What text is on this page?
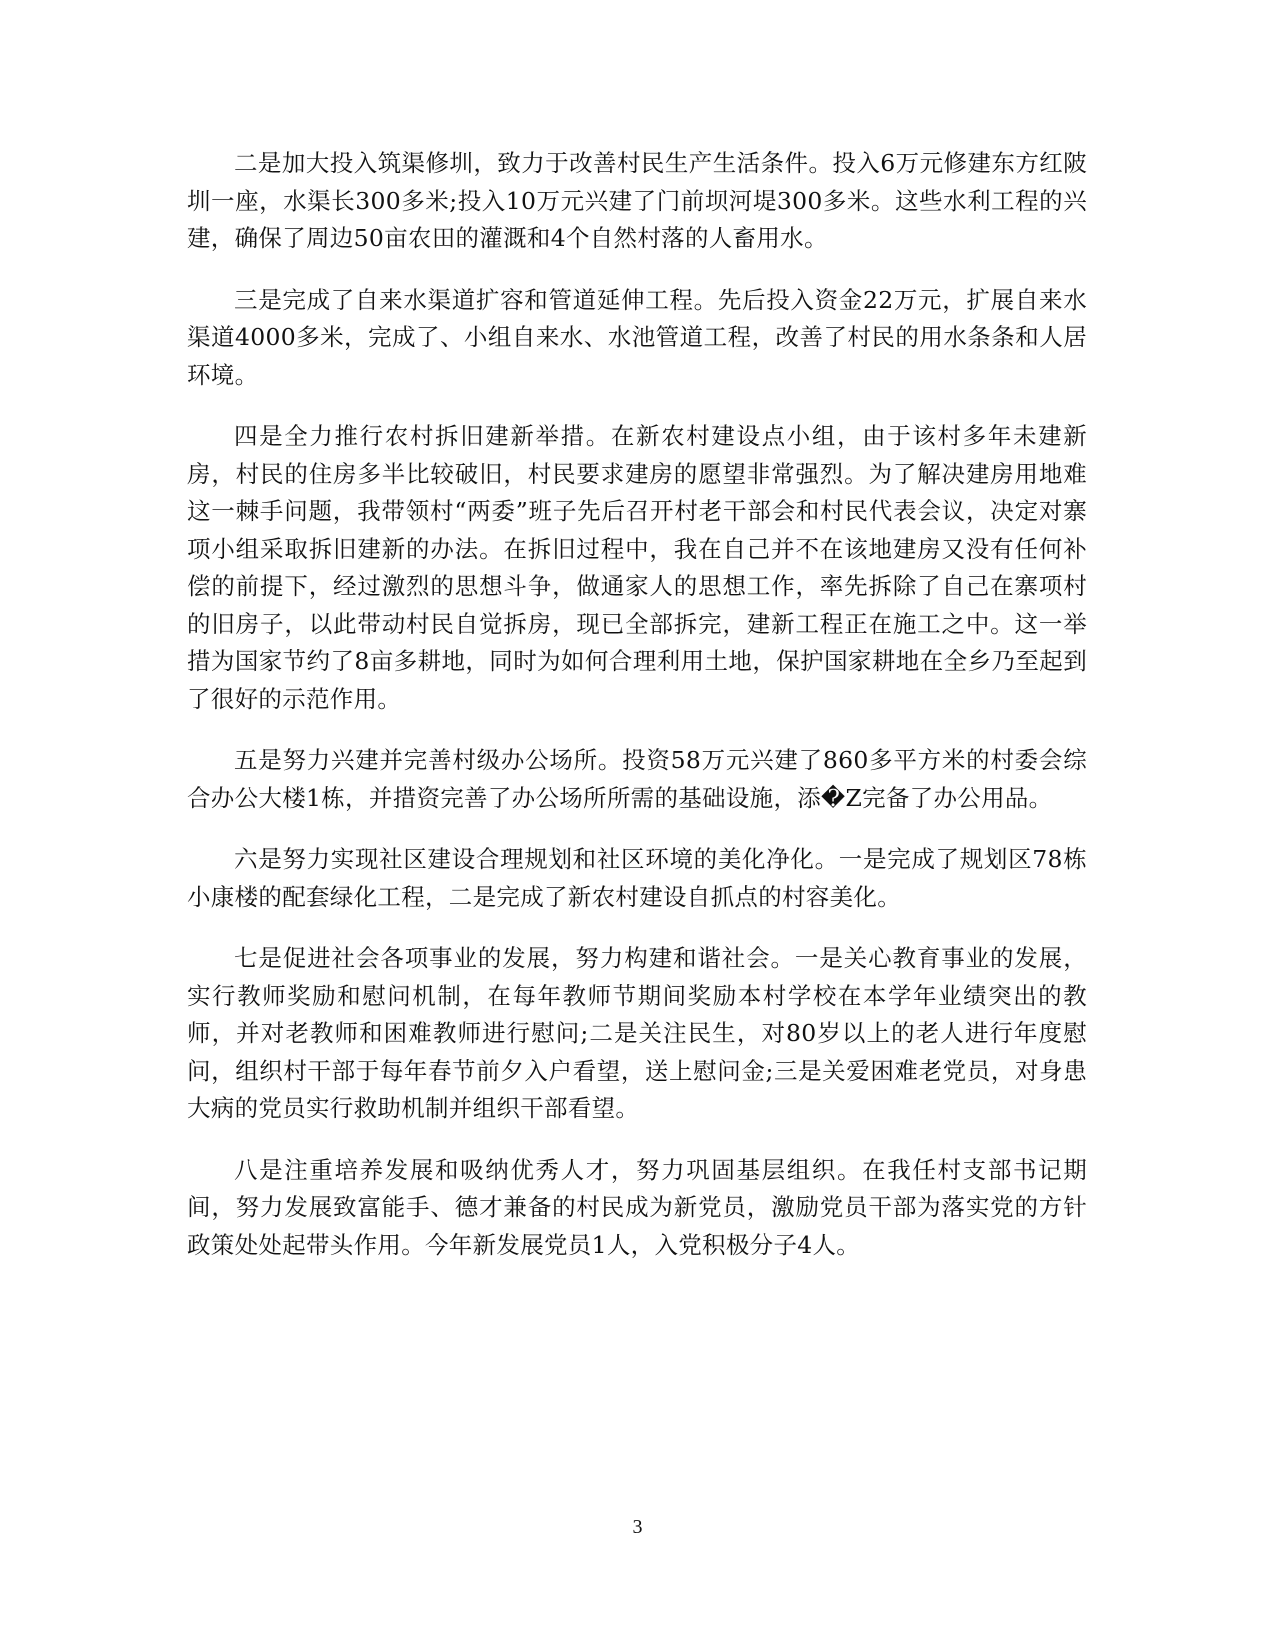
二是加大投入筑渠修圳，致力于改善村民生产生活条件。投入6万元修建东方红陂圳一座，水渠长300多米;投入10万元兴建了门前坝河堤300多米。这些水利工程的兴建，确保了周边50亩农田的灌溉和4个自然村落的人畜用水。

三是完成了自来水渠道扩容和管道延伸工程。先后投入资金22万元，扩展自来水渠道4000多米，完成了、小组自来水、水池管道工程，改善了村民的用水条条和人居环境。

四是全力推行农村拆旧建新举措。在新农村建设点小组，由于该村多年未建新房，村民的住房多半比较破旧，村民要求建房的愿望非常强烈。为了解决建房用地难这一棘手问题，我带领村“两委”班子先后召开村老干部会和村民代表会议，决定对寨项小组采取拆旧建新的办法。在拆旧过程中，我在自己并不在该地建房又没有任何补偿的前提下，经过激烈的思想斗争，做通家人的思想工作，率先拆除了自己在寨项村的旧房子，以此带动村民自觉拆房，现已全部拆完，建新工程正在施工之中。这一举措为国家节约了8亩多耕地，同时为如何合理利用土地，保护国家耕地在全乡乃至起到了很好的示范作用。

五是努力兴建并完善村级办公场所。投资58万元兴建了860多平方米的村委会综合办公大楼1栋，并措资完善了办公场所所需的基础设施，添�Z完备了办公用品。

六是努力实现社区建设合理规划和社区环境的美化净化。一是完成了规划区78栋小康楼的配套绿化工程，二是完成了新农村建设自抓点的村容美化。

七是促进社会各项事业的发展，努力构建和谐社会。一是关心教育事业的发展，实行教师奖励和慰问机制，在每年教师节期间奖励本村学校在本学年业绩突出的教师，并对老教师和困难教师进行慰问;二是关注民生，对80岁以上的老人进行年度慰问，组织村干部于每年春节前夕入户看望，送上慰问金;三是关爱困难老党员，对身患大病的党员实行救助机制并组织干部看望。

八是注重培养发展和吸纳优秀人才，努力巩固基层组织。在我任村支部书记期间，努力发展致富能手、德才兼备的村民成为新党员，激励党员干部为落实党的方针政策处处起带头作用。今年新发展党员1人，入党积极分子4人。

3
